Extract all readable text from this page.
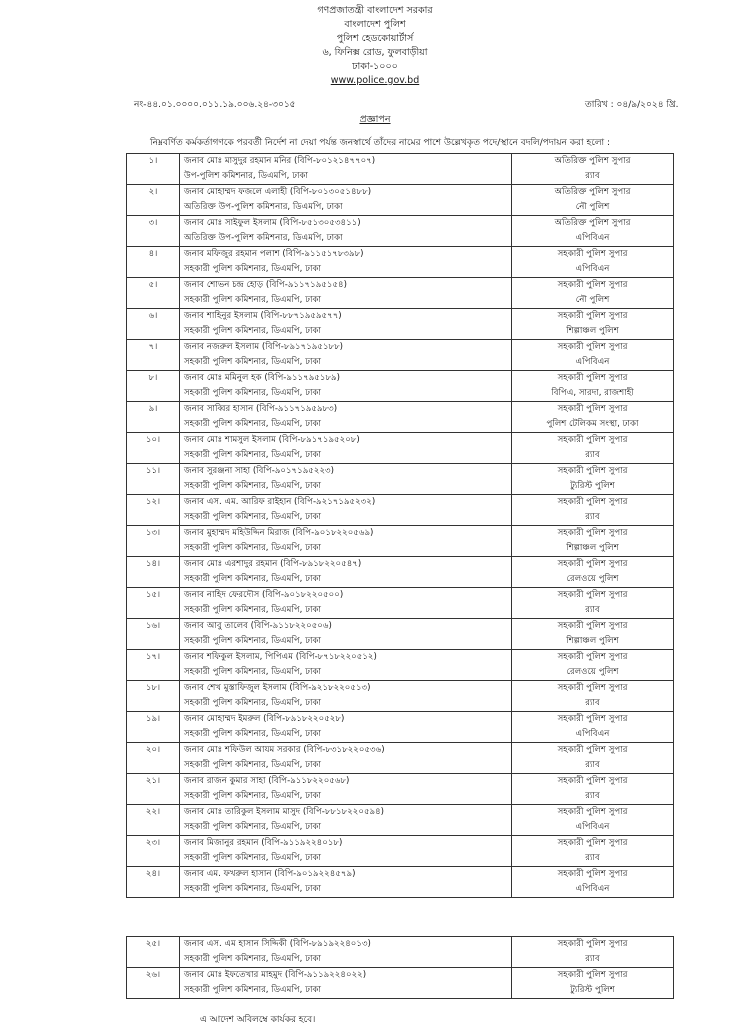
গণপ্রজাতন্ত্রী বাংলাদেশ সরকার
বাংলাদেশ পুলিশ
পুলিশ হেডকোয়ার্টার্স
৬, ফিনিক্স রোড, ফুলবাড়ীয়া
ঢাকা-১০০০
www.police.gov.bd
নং-৪৪.০১.০০০০.০১১.১৯.০০৬.২৪-৩০১৫	তারিখ : ০৪/৯/২০২৪ খ্রি.
প্রজ্ঞাপন
নিম্নবর্ণিত কর্মকর্তাগণকে পরবর্তী নির্দেশ না দেয়া পর্যন্ত জনস্বার্থে তাঁদের নামের পাশে উল্লেখকৃত পদে/স্থানে বদলি/পদায়ন করা হলো :
১।	জনাব মোঃ মাসুদুর রহমান মনির (বিপি-৮০১২১৪৭৭০৭)
উপ-পুলিশ কমিশনার, ডিএমপি, ঢাকা	অতিরিক্ত পুলিশ সুপার
র‌্যাব
২।	জনাব মোহাম্মদ ফজলে এলাহী (বিপি-৮০১৩০৫১৪৮৮)
অতিরিক্ত উপ-পুলিশ কমিশনার, ডিএমপি, ঢাকা	অতিরিক্ত পুলিশ সুপার
নৌ পুলিশ
৩।	জনাব মোঃ সাইফুল ইসলাম (বিপি-৮৫১৩০৫৩৪১১)
অতিরিক্ত উপ-পুলিশ কমিশনার, ডিএমপি, ঢাকা	অতিরিক্ত পুলিশ সুপার
এপিবিএন
৪।	জনাব মফিজুর রহমান পলাশ (বিপি-৯১১৫১৭৮৩৯৮)
সহকারী পুলিশ কমিশনার, ডিএমপি, ঢাকা	সহকারী পুলিশ সুপার
এপিবিএন
৫।	জনাব শোভন চন্দ্র হোড় (বিপি-৯১১৭১৯৫১৫৪)
সহকারী পুলিশ কমিশনার, ডিএমপি, ঢাকা	সহকারী পুলিশ সুপার
নৌ পুলিশ
৬।	জনাব শাহিনুর ইসলাম (বিপি-৮৮৭১৯৫৯৫৭৭)
সহকারী পুলিশ কমিশনার, ডিএমপি, ঢাকা	সহকারী পুলিশ সুপার
শিল্পাঞ্চল পুলিশ
৭।	জনাব নজরুল ইসলাম (বিপি-৮৯১৭১৯৫১৮৮)
সহকারী পুলিশ কমিশনার, ডিএমপি, ঢাকা	সহকারী পুলিশ সুপার
এপিবিএন
৮।	জনাব মোঃ মমিনুল হক (বিপি-৯১১৭৯৫১৮৯)
সহকারী পুলিশ কমিশনার, ডিএমপি, ঢাকা	সহকারী পুলিশ সুপার
বিপিএ, সারদা, রাজশাহী
৯।	জনাব সাব্বির হাসান (বিপি-৯১১৭১৯৫৯৮৩)
সহকারী পুলিশ কমিশনার, ডিএমপি, ঢাকা	সহকারী পুলিশ সুপার
পুলিশ টেলিকম সংস্থা, ঢাকা
১০।	জনাব মোঃ শামসুল ইসলাম (বিপি-৮৯১৭১৯৫২০৮)
সহকারী পুলিশ কমিশনার, ডিএমপি, ঢাকা	সহকারী পুলিশ সুপার
র‌্যাব
১১।	জনাব সুরঞ্জনা সাহা (বিপি-৯০১৭১৯৫২২৩)
সহকারী পুলিশ কমিশনার, ডিএমপি, ঢাকা	সহকারী পুলিশ সুপার
ট্যুরিস্ট পুলিশ
১২।	জনাব এস. এম. আরিফ রাইহান (বিপি-৯২১৭১৯৫২৩২)
সহকারী পুলিশ কমিশনার, ডিএমপি, ঢাকা	সহকারী পুলিশ সুপার
র‌্যাব
১৩।	জনাব মুহাম্মদ মহিউদ্দিন মিরাজ (বিপি-৯০১৮২২০৫৬৯)
সহকারী পুলিশ কমিশনার, ডিএমপি, ঢাকা	সহকারী পুলিশ সুপার
শিল্পাঞ্চল পুলিশ
১৪।	জনাব মোঃ এরশাদুর রহমান (বিপি-৮৯১৮২২০৫৪৭)
সহকারী পুলিশ কমিশনার, ডিএমপি, ঢাকা	সহকারী পুলিশ সুপার
রেলওয়ে পুলিশ
১৫।	জনাব নাহিদ ফেরদৌস (বিপি-৯০১৮২২০৫০০)
সহকারী পুলিশ কমিশনার, ডিএমপি, ঢাকা	সহকারী পুলিশ সুপার
র‌্যাব
১৬।	জনাব আবু তালেব (বিপি-৯১১৮২২০৫০৬)
সহকারী পুলিশ কমিশনার, ডিএমপি, ঢাকা	সহকারী পুলিশ সুপার
শিল্পাঞ্চল পুলিশ
১৭।	জনাব শফিকুল ইসলাম, পিপিএম (বিপি-৮৭১৮২২০৫১২)
সহকারী পুলিশ কমিশনার, ডিএমপি, ঢাকা	সহকারী পুলিশ সুপার
রেলওয়ে পুলিশ
১৮।	জনাব শেখ মুস্তাফিজুল ইসলাম (বিপি-৯২১৮২২০৫১৩)
সহকারী পুলিশ কমিশনার, ডিএমপি, ঢাকা	সহকারী পুলিশ সুপার
র‌্যাব
১৯।	জনাব মোহাম্মদ ইমরুল (বিপি-৮৯১৮২২০৫২৮)
সহকারী পুলিশ কমিশনার, ডিএমপি, ঢাকা	সহকারী পুলিশ সুপার
এপিবিএন
২০।	জনাব মোঃ শফিউল আযম সরকার (বিপি-৮৩১৮২২০৫৩৬)
সহকারী পুলিশ কমিশনার, ডিএমপি, ঢাকা	সহকারী পুলিশ সুপার
র‌্যাব
২১।	জনাব রাজন কুমার সাহা (বিপি-৯১১৮২২০৫৬৮)
সহকারী পুলিশ কমিশনার, ডিএমপি, ঢাকা	সহকারী পুলিশ সুপার
র‌্যাব
২২।	জনাব মোঃ তারিকুল ইসলাম মাসুদ (বিপি-৮৮১৮২২০৫৯৪)
সহকারী পুলিশ কমিশনার, ডিএমপি, ঢাকা	সহকারী পুলিশ সুপার
এপিবিএন
২৩।	জনাব মিজানুর রহমান (বিপি-৯১১৯২২৪০১৮)
সহকারী পুলিশ কমিশনার, ডিএমপি, ঢাকা	সহকারী পুলিশ সুপার
র‌্যাব
২৪।	জনাব এম. ফখরুল হাসান (বিপি-৯০১৯২২৪৫৭৯)
সহকারী পুলিশ কমিশনার, ডিএমপি, ঢাকা	সহকারী পুলিশ সুপার
এপিবিএন
২৫।	জনাব এস. এম হাসান সিদ্দিকী (বিপি-৮৯১৯২২৪০১৩)
সহকারী পুলিশ কমিশনার, ডিএমপি, ঢাকা	সহকারী পুলিশ সুপার
র‌্যাব
২৬।	জনাব মোঃ ইফতেখার মাহমুদ (বিপি-৯১১৯২২৪০২২)
সহকারী পুলিশ কমিশনার, ডিএমপি, ঢাকা	সহকারী পুলিশ সুপার
ট্যুরিস্ট পুলিশ
এ আদেশ অবিলম্বে কার্যকর হবে।
